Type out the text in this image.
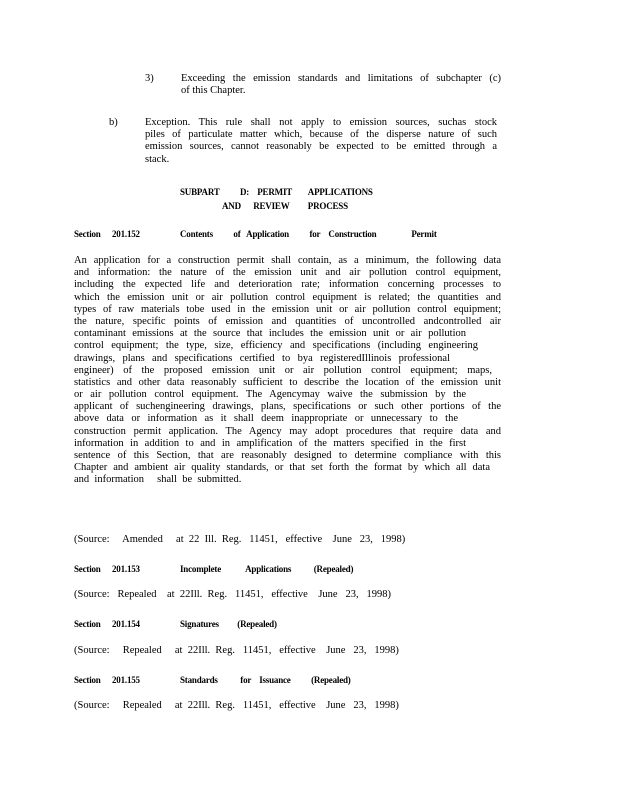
3)	Exceeding the emission standards and limitations of subchapter (c)
of this Chapter.
b)	Exception. This rule shall not apply to emission sources, suchas stock
piles of particulate matter which, because of the disperse nature of such
emission sources, cannot reasonably be expected to be emitted through a
stack.
SUBPART          D:    PERMIT        APPLICATIONS
AND      REVIEW         PROCESS
Section 201.152	Contents          of   Application          for    Construction                 Permit
An application for a construction permit shall contain, as a minimum, the following data
and information: the nature of the emission unit and air pollution control equipment,
including the expected life and deterioration rate; information concerning processes to
which the emission unit or air pollution control equipment is related; the quantities and
types of raw materials tobe used in the emission unit or air pollution control equipment;
the nature, specific points of emission and quantities of uncontrolled andcontrolled air
contaminant emissions at the source that includes the emission unit or air pollution
control equipment; the type, size, efficiency and specifications (including engineering
drawings, plans and specifications certified to bya registeredIllinois professional
engineer) of the proposed emission unit or air pollution control equipment; maps,
statistics and other data reasonably sufficient to describe the location of the emission unit
or air pollution control equipment. The Agencymay waive the submission by the
applicant of suchengineering drawings, plans, specifications or such other portions of the
above data or information as it shall deem inappropriate or unnecessary to the
construction permit application. The Agency may adopt procedures that require data and
information in addition to and in amplification of the matters specified in the first
sentence of this Section, that are reasonably designed to determine compliance with this
Chapter and ambient air quality standards, or that set forth the format by which all data
and  information     shall  be  submitted.
(Source:     Amended     at  22  Ill.  Reg.   11451,   effective    June   23,   1998)
Section 201.153	Incomplete            Applications           (Repealed)
(Source:   Repealed    at  22Ill.  Reg.   11451,   effective    June   23,   1998)
Section 201.154	Signatures         (Repealed)
(Source:     Repealed     at  22Ill.  Reg.   11451,   effective    June   23,   1998)
Section 201.155	Standards           for    Issuance          (Repealed)
(Source:     Repealed     at  22Ill.  Reg.   11451,   effective    June   23,   1998)
